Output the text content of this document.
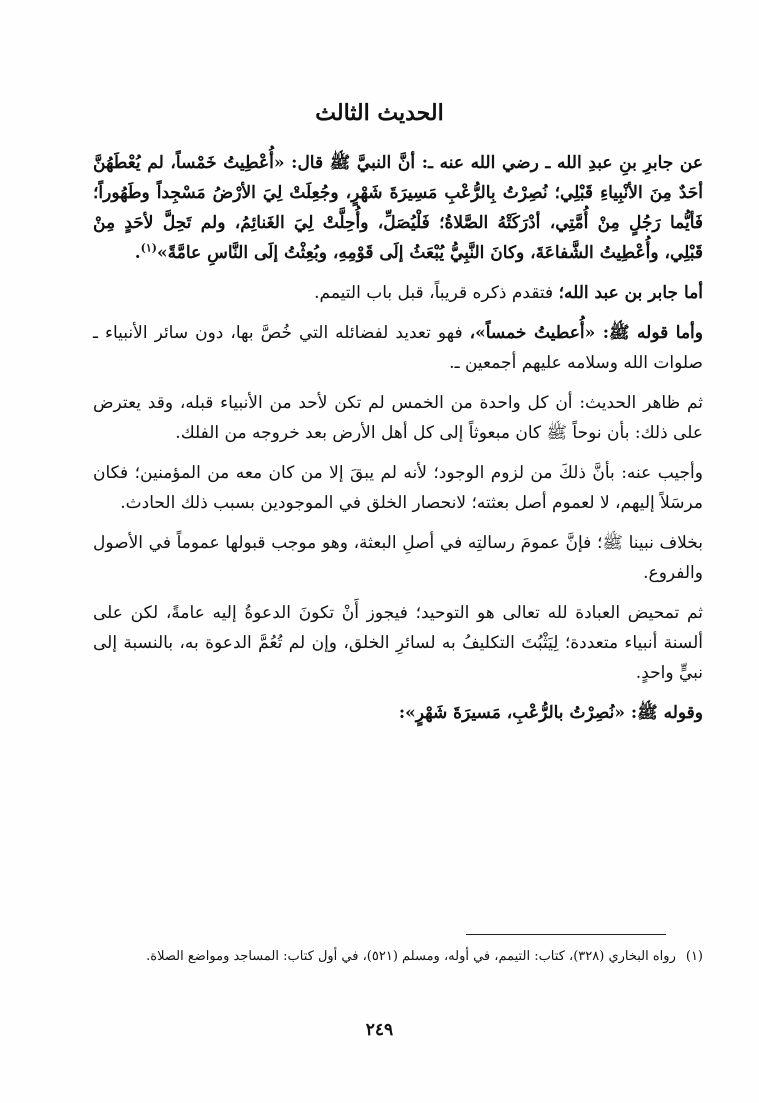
الحديث الثالث

عن جابرِ بنِ عبدِ الله ـ رضي الله عنه ـ: أنَّ النبيَّ ﷺ قال: «أُعْطِيتُ خَمْساً، لم يُعْطَهُنَّ أحَدٌ مِنَ الأنْبِياءِ قَبْلِي؛ نُصِرْتُ بِالرُّعْبِ مَسِيرَةَ شَهْرٍ، وجُعِلَتْ لِيَ الأرْضُ مَسْجِداً وطَهُوراً؛ فَأيُّما رَجُلٍ مِنْ أُمَّتِي، أدْرَكَتْهُ الصَّلاةُ؛ فَلْيُصَلِّ، وأُحِلَّتْ لِيَ الغَنائِمُ، ولم تَحِلَّ لأحَدٍ مِنْ قَبْلِي، وأُعْطِيتُ الشَّفاعَةَ، وكانَ النَّبِيُّ يُبْعَثُ إلَى قَوْمِهِ، وبُعِثْتُ إلَى النَّاسِ عامَّةً»$^{(١)}$.

أما جابر بن عبد الله؛ فتقدم ذكره قريباً، قبل باب التيمم.

وأما قوله ﷺ: «أُعطيتُ خمساً»، فهو تعديد لفضائله التي خُصَّ بها، دون سائر الأنبياء ـ صلوات الله وسلامه عليهم أجمعين ـ.

ثم ظاهر الحديث: أن كل واحدة من الخمس لم تكن لأحد من الأنبياء قبله، وقد يعترض على ذلك: بأن نوحاً ﷺ كان مبعوثاً إلى كل أهل الأرض بعد خروجه من الفلك.

وأجيب عنه: بأنَّ ذلكَ من لزوم الوجود؛ لأنه لم يبقَ إلا من كان معه من المؤمنين؛ فكان مرسَلاً إليهم، لا لعموم أصل بعثته؛ لانحصار الخلق في الموجودين بسبب ذلك الحادث.

بخلاف نبينا ﷺ؛ فإنَّ عمومَ رسالتِه في أصلِ البعثة، وهو موجب قبولها عموماً في الأصول والفروع.

ثم تمحيض العبادة لله تعالى هو التوحيد؛ فيجوز أَنْ تكونَ الدعوةُ إليه عامةً، لكن على ألسنة أنبياء متعددة؛ لِيَثْبُتَ التكليفُ به لسائرِ الخلق، وإن لم تُعُمَّ الدعوة به، بالنسبة إلى نبيٍّ واحدٍ.

وقوله ﷺ: «نُصِرْتُ بالرُّعْبِ، مَسيرَةَ شَهْرٍ»:

(١)رواه البخاري (٣٢٨)، كتاب: التيمم، في أوله، ومسلم (٥٢١)، في أول كتاب: المساجد ومواضع الصلاة.
٢٤٩
